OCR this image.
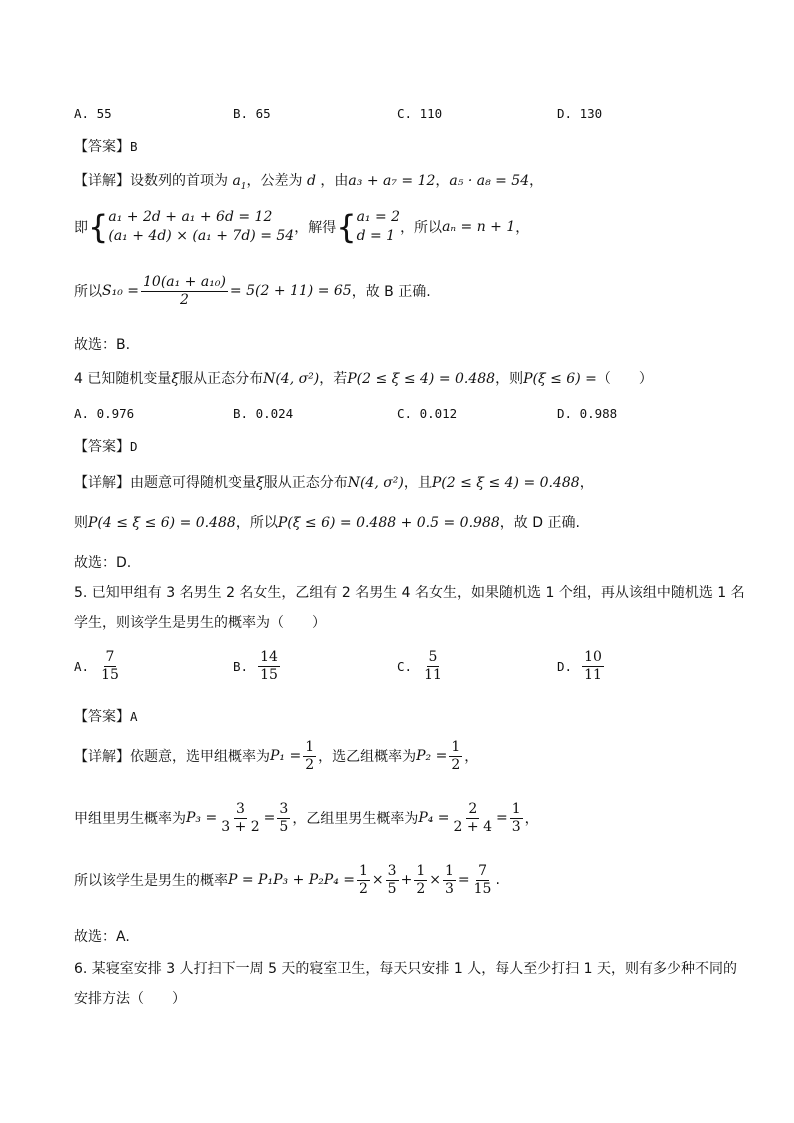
A. 55	B. 65	C. 110	D. 130
【答案】B
【详解】设数列的首项为 $a_1$，公差为 d ，由a₃ + a₇ = 12，a₅ · a₈ = 54，
即 { a₁ + 2d + a₁ + 6d = 12
(a₁ + 4d) × (a₁ + 7d) = 54 ，解得 { a₁ = 2
d = 1 ，所以 aₙ = n + 1 ，
所以 $S_{10} = \frac{\text{10(a₁ + a₁₀)}}{2} = 5(2 + 11) = 65$ ，故 B 正确.
故选：B.
4 已知随机变量ξ服从正态分布N(4, σ²)，若P(2 ≤ ξ ≤ 4) = 0.488，则P(ξ ≤ 6) =（　　）
A. 0.976	B. 0.024	C. 0.012	D. 0.988
【答案】D
【详解】由题意可得随机变量ξ服从正态分布N(4, σ²)，且P(2 ≤ ξ ≤ 4) = 0.488，
则P(4 ≤ ξ ≤ 6) = 0.488，所以P(ξ ≤ 6) = 0.488 + 0.5 = 0.988，故 D 正确.
故选：D.
5. 已知甲组有 3 名男生 2 名女生，乙组有 2 名男生 4 名女生，如果随机选 1 个组，再从该组中随机选 1 名
学生，则该学生是男生的概率为（　　）
A. $\frac{7}{15}$	B. $\frac{14}{15}$	C. $\frac{5}{11}$	D. $\frac{10}{11}$
【答案】A
【详解】 依题意，选甲组概率为 $P_1 = \frac{1}{2}$ ，选乙组概率为 $P_2 = \frac{1}{2}$ ，
甲组里男生概率为 $P_3 = \frac{3}{3 + 2} = \frac{3}{5}$ ，乙组里男生概率为 $P_4 = \frac{2}{2 + 4} = \frac{1}{3}$ ，
所以该学生是男生的概率 $P = P_1P_3 + P_2P_4 = \frac{1}{2} \times \frac{3}{5} + \frac{1}{2} \times \frac{1}{3} = \frac{7}{15}$ .
故选：A.
6. 某寝室安排 3 人打扫下一周 5 天的寝室卫生，每天只安排 1 人，每人至少打扫 1 天，则有多少种不同的
安排方法（　　）
